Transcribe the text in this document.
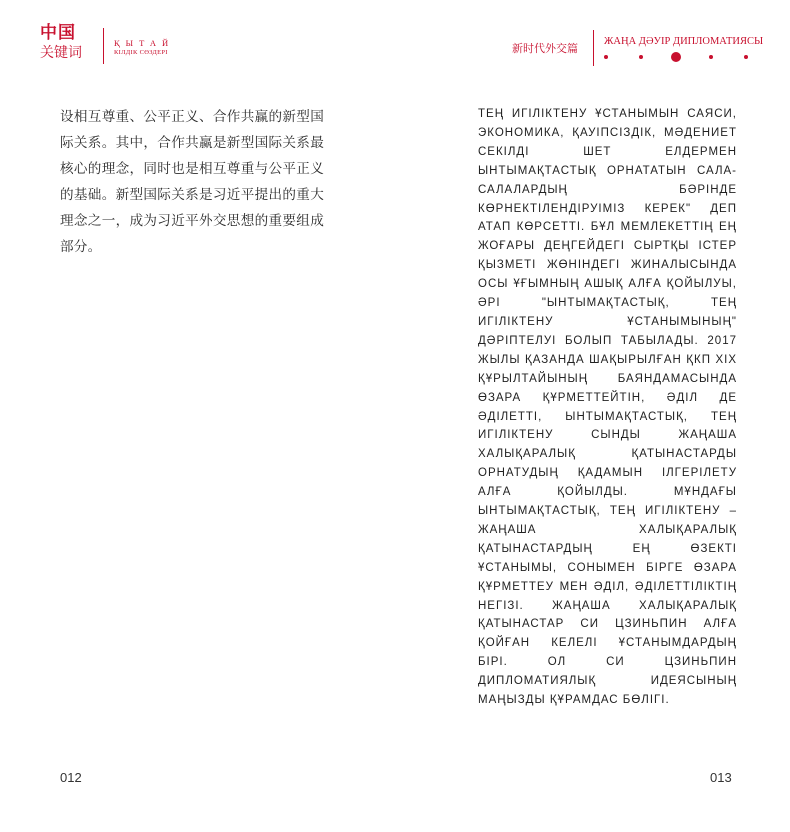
中国
关键词
ҚЫТАЙ
КІЛДІК СӨЗДЕРІ	新时代外交篇
ЖАҢА ДӘУІР ДИПЛОМАТИЯСЫ
设相互尊重、公平正义、合作共赢的新型国际关系。其中，合作共赢是新型国际关系最核心的理念，同时也是相互尊重与公平正义的基础。新型国际关系是习近平提出的重大理念之一，成为习近平外交思想的重要组成部分。
ТЕҢ ИГІЛІКТЕНУ ҰСТАНЫМЫН САЯСИ, ЭКОНОМИКА, ҚАУІПСІЗДІК, МӘДЕНИЕТ СЕКІЛДІ ШЕТ ЕЛДЕРМЕН ЫНТЫМАҚТАСТЫҚ ОРНАТАТЫН САЛА-САЛАЛАРДЫҢ БӘРІНДЕ КӨРНЕКТІЛЕНДІРУІМІЗ КЕРЕК" ДЕП АТАП КӨРСЕТТІ. БҰЛ МЕМЛЕКЕТТІҢ ЕҢ ЖОҒАРЫ ДЕҢГЕЙДЕГІ СЫРТҚЫ ІСТЕР ҚЫЗМЕТІ ЖӨНІНДЕГІ ЖИНАЛЫСЫНДА ОСЫ ҰҒЫМНЫҢ АШЫҚ АЛҒА ҚОЙЫЛУЫ, ӘРІ "ЫНТЫМАҚТАСТЫҚ, ТЕҢ ИГІЛІКТЕНУ ҰСТАНЫМЫНЫҢ" ДӘРІПТЕЛУІ БОЛЫП ТАБЫЛАДЫ. 2017 ЖЫЛЫ ҚАЗАНДА ШАҚЫРЫЛҒАН ҚКП XIX ҚҰРЫЛТАЙЫНЫҢ БАЯНДАМАСЫНДА ӨЗАРА ҚҰРМЕТТЕЙТІН, ӘДІЛ ДЕ ӘДІЛЕТТІ, ЫНТЫМАҚТАСТЫҚ, ТЕҢ ИГІЛІКТЕНУ СЫНДЫ ЖАҢАША ХАЛЫҚАРАЛЫҚ ҚАТЫНАСТАРДЫ ОРНАТУДЫҢ ҚАДАМЫН ІЛГЕРІЛЕТУ АЛҒА ҚОЙЫЛДЫ. МҰНДАҒЫ ЫНТЫМАҚТАСТЫҚ, ТЕҢ ИГІЛІКТЕНУ – ЖАҢАША ХАЛЫҚАРАЛЫҚ ҚАТЫНАСТАРДЫҢ ЕҢ ӨЗЕКТІ ҰСТАНЫМЫ, СОНЫМЕН БІРГЕ ӨЗАРА ҚҰРМЕТТЕУ МЕН ӘДІЛ, ӘДІЛЕТТІЛІКТІҢ НЕГІЗІ. ЖАҢАША ХАЛЫҚАРАЛЫҚ ҚАТЫНАСТАР СИ ЦЗИНЬПИН АЛҒА ҚОЙҒАН КЕЛЕЛІ ҰСТАНЫМДАРДЫҢ БІРІ. ОЛ СИ ЦЗИНЬПИН ДИПЛОМАТИЯЛЫҚ ИДЕЯСЫНЫҢ МАҢЫЗДЫ ҚҰРАМДАС БӨЛІГІ.
012	013
